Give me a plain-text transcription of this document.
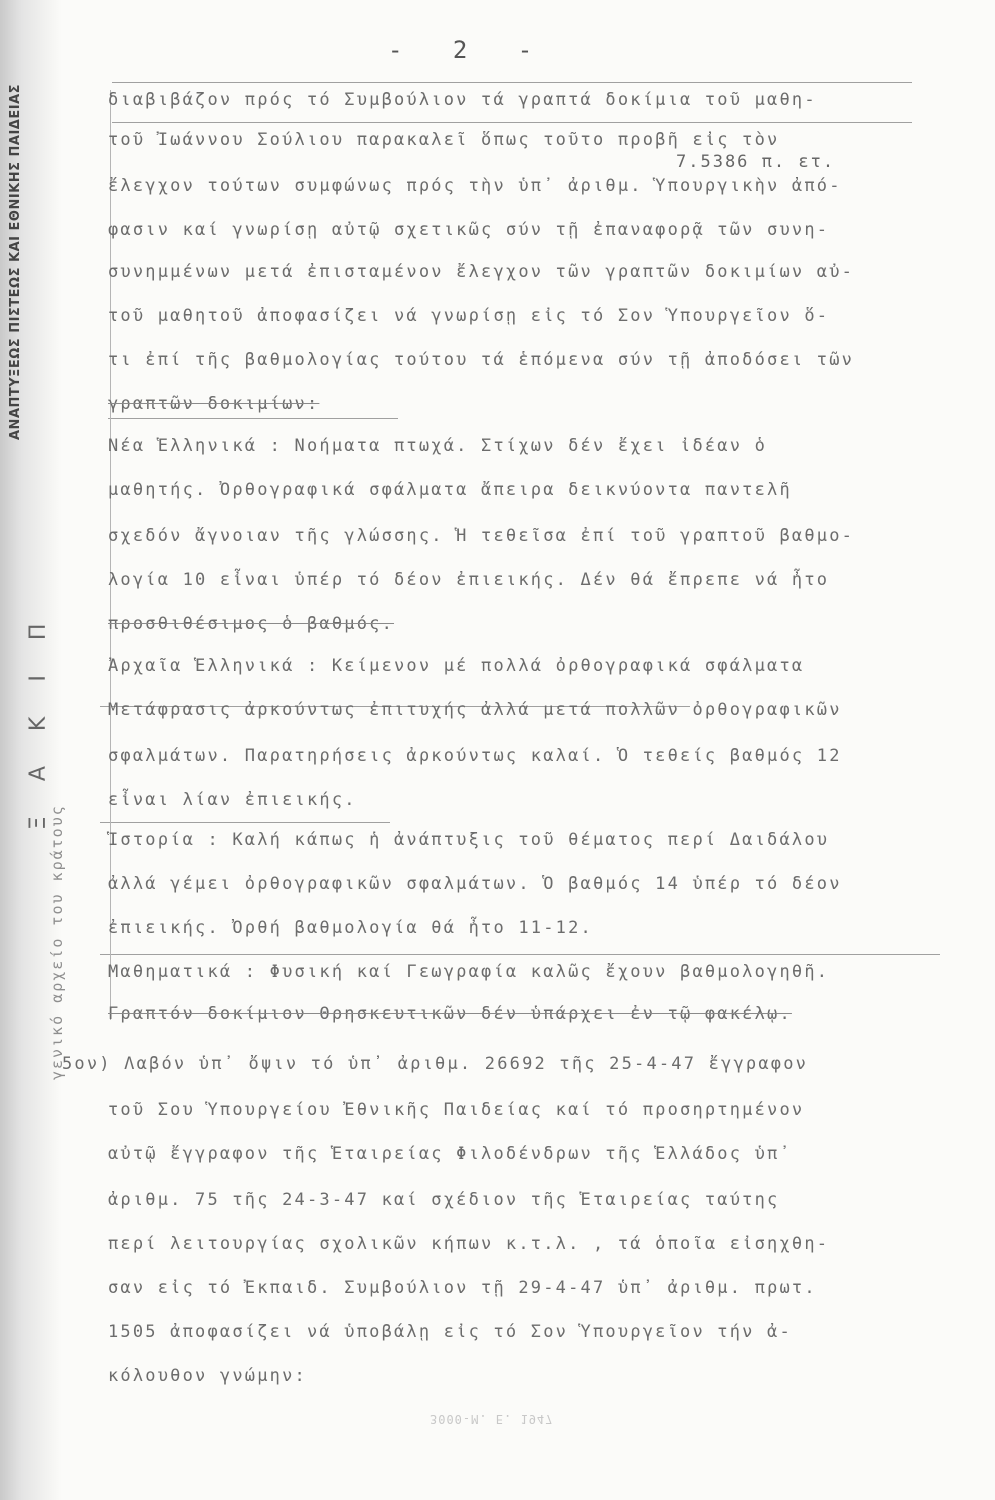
ΑΝΑΠΤΥΞΕΩΣ ΠΙΣΤΕΩΣ ΚΑΙ ΕΘΝΙΚΗΣ ΠΑΙΔΕΙΑΣ
Ξ Α Κ Ι Π
γενικό αρχείο του κράτους
- 2 -
7.5386 π. ετ.
διαβιβάζον πρός τό Συμβούλιον τά γραπτά δοκίμια τοῦ μαθη-
τοῦ Ἰωάννου Σούλιου παρακαλεῖ ὅπως τοῦτο προβῆ εἰς τὸν
ἔλεγχον τούτων συμφώνως πρός τὴν ὑπ᾽ ἀριθμ. Ὑπουργικὴν ἀπό-
φασιν καί γνωρίσῃ αὐτῷ σχετικῶς σύν τῇ ἐπαναφορᾷ τῶν συνη-
συνημμένων μετά ἐπισταμένον ἔλεγχον τῶν γραπτῶν δοκιμίων αὐ-
τοῦ μαθητοῦ ἀποφασίζει νά γνωρίσῃ εἰς τό Σον Ὑπουργεῖον ὅ-
τι ἐπί τῆς βαθμολογίας τούτου τά ἑπόμενα σύν τῇ ἀποδόσει τῶν
γραπτῶν δοκιμίων:
Νέα Ἑλληνικά : Νοήματα πτωχά. Στίχων δέν ἔχει ἰδέαν ὁ
μαθητής. Ὀρθογραφικά σφάλματα ἄπειρα δεικνύοντα παντελῆ
σχεδόν ἄγνοιαν τῆς γλώσσης. Ἡ τεθεῖσα ἐπί τοῦ γραπτοῦ βαθμο-
λογία 10 εἶναι ὑπέρ τό δέον ἐπιεικής. Δέν θά ἔπρεπε νά ἦτο
προσθιθέσιμος ὁ βαθμός.
Ἀρχαῖα Ἑλληνικά : Κείμενον μέ πολλά ὀρθογραφικά σφάλματα
Μετάφρασις ἀρκούντως ἐπιτυχής ἀλλά μετά πολλῶν ὀρθογραφικῶν
σφαλμάτων. Παρατηρήσεις ἀρκούντως καλαί. Ὁ τεθείς βαθμός 12
εἶναι λίαν ἐπιεικής.
Ἱστορία : Καλή κάπως ἡ ἀνάπτυξις τοῦ θέματος περί Δαιδάλου
ἀλλά γέμει ὀρθογραφικῶν σφαλμάτων. Ὁ βαθμός 14 ὑπέρ τό δέον
ἐπιεικής. Ὀρθή βαθμολογία θά ἦτο 11-12.
Μαθηματικά : Φυσική καί Γεωγραφία καλῶς ἔχουν βαθμολογηθῆ.
Γραπτόν δοκίμιον Θρησκευτικῶν δέν ὑπάρχει ἐν τῷ φακέλῳ.
5ον) Λαβόν ὑπ᾽ ὄψιν τό ὑπ᾽ ἀριθμ. 26692 τῆς 25-4-47 ἔγγραφον
τοῦ Σου Ὑπουργείου Ἐθνικῆς Παιδείας καί τό προσηρτημένον
αὐτῷ ἔγγραφον τῆς Ἑταιρείας Φιλοδένδρων τῆς Ἑλλάδος ὑπ᾽
ἀριθμ. 75 τῆς 24-3-47 καί σχέδιον τῆς Ἑταιρείας ταύτης
περί λειτουργίας σχολικῶν κήπων κ.τ.λ. , τά ὁποῖα εἰσηχθη-
σαν εἰς τό Ἐκπαιδ. Συμβούλιον τῇ 29-4-47 ὑπ᾽ ἀριθμ. πρωτ.
1505 ἀποφασίζει νά ὑποβάλῃ εἰς τό Σον Ὑπουργεῖον τήν ἀ-
κόλουθον γνώμην:
3000-Μ. Ε. 1947
